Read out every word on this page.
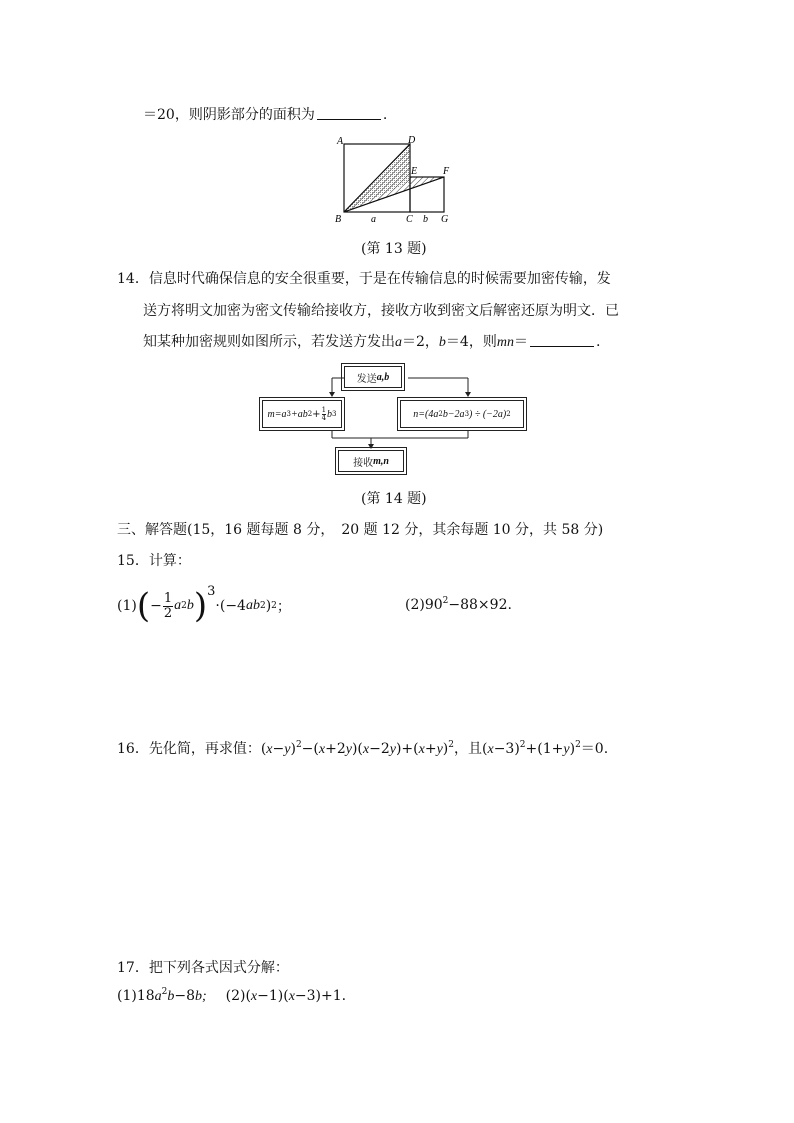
＝20，则阴影部分的面积为	.
A	D
E	F
B	a	C b G
(第 13 题)
14．信息时代确保信息的安全很重要，于是在传输信息的时候需要加密传输，发
送方将明文加密为密文传输给接收方，接收方收到密文后解密还原为明文．已
知某种加密规则如图所示，若发送方发出a＝2，b＝4，则mn＝	.
发送 a,b
m=a 3 +ab $2 + \frac{1}{4}$ b 3	n=(4a 2 b−2a 3 ) ÷ (−2a) 2
接收 m,n
(第 14 题)
三、解答题(15，16 题每题 8 分，　20 题 12 分，其余每题 10 分，共 58 分)
15．计算：
(1) ( − $\frac{1}{2}$ a 2 b ) 3
·(−4 ab 2 ) 2 ；	$(2)90^2-88\times 92$.
16．先化简，再求值：$(x-y)^2-(x+2y)(x-2y)+(x+y)^2$，且$(x-3)^2+(1+y)^2=0$.
17．把下列各式因式分解：
$(1)18a^2b-8b$; (2)(x−1)(x−3)+1.
